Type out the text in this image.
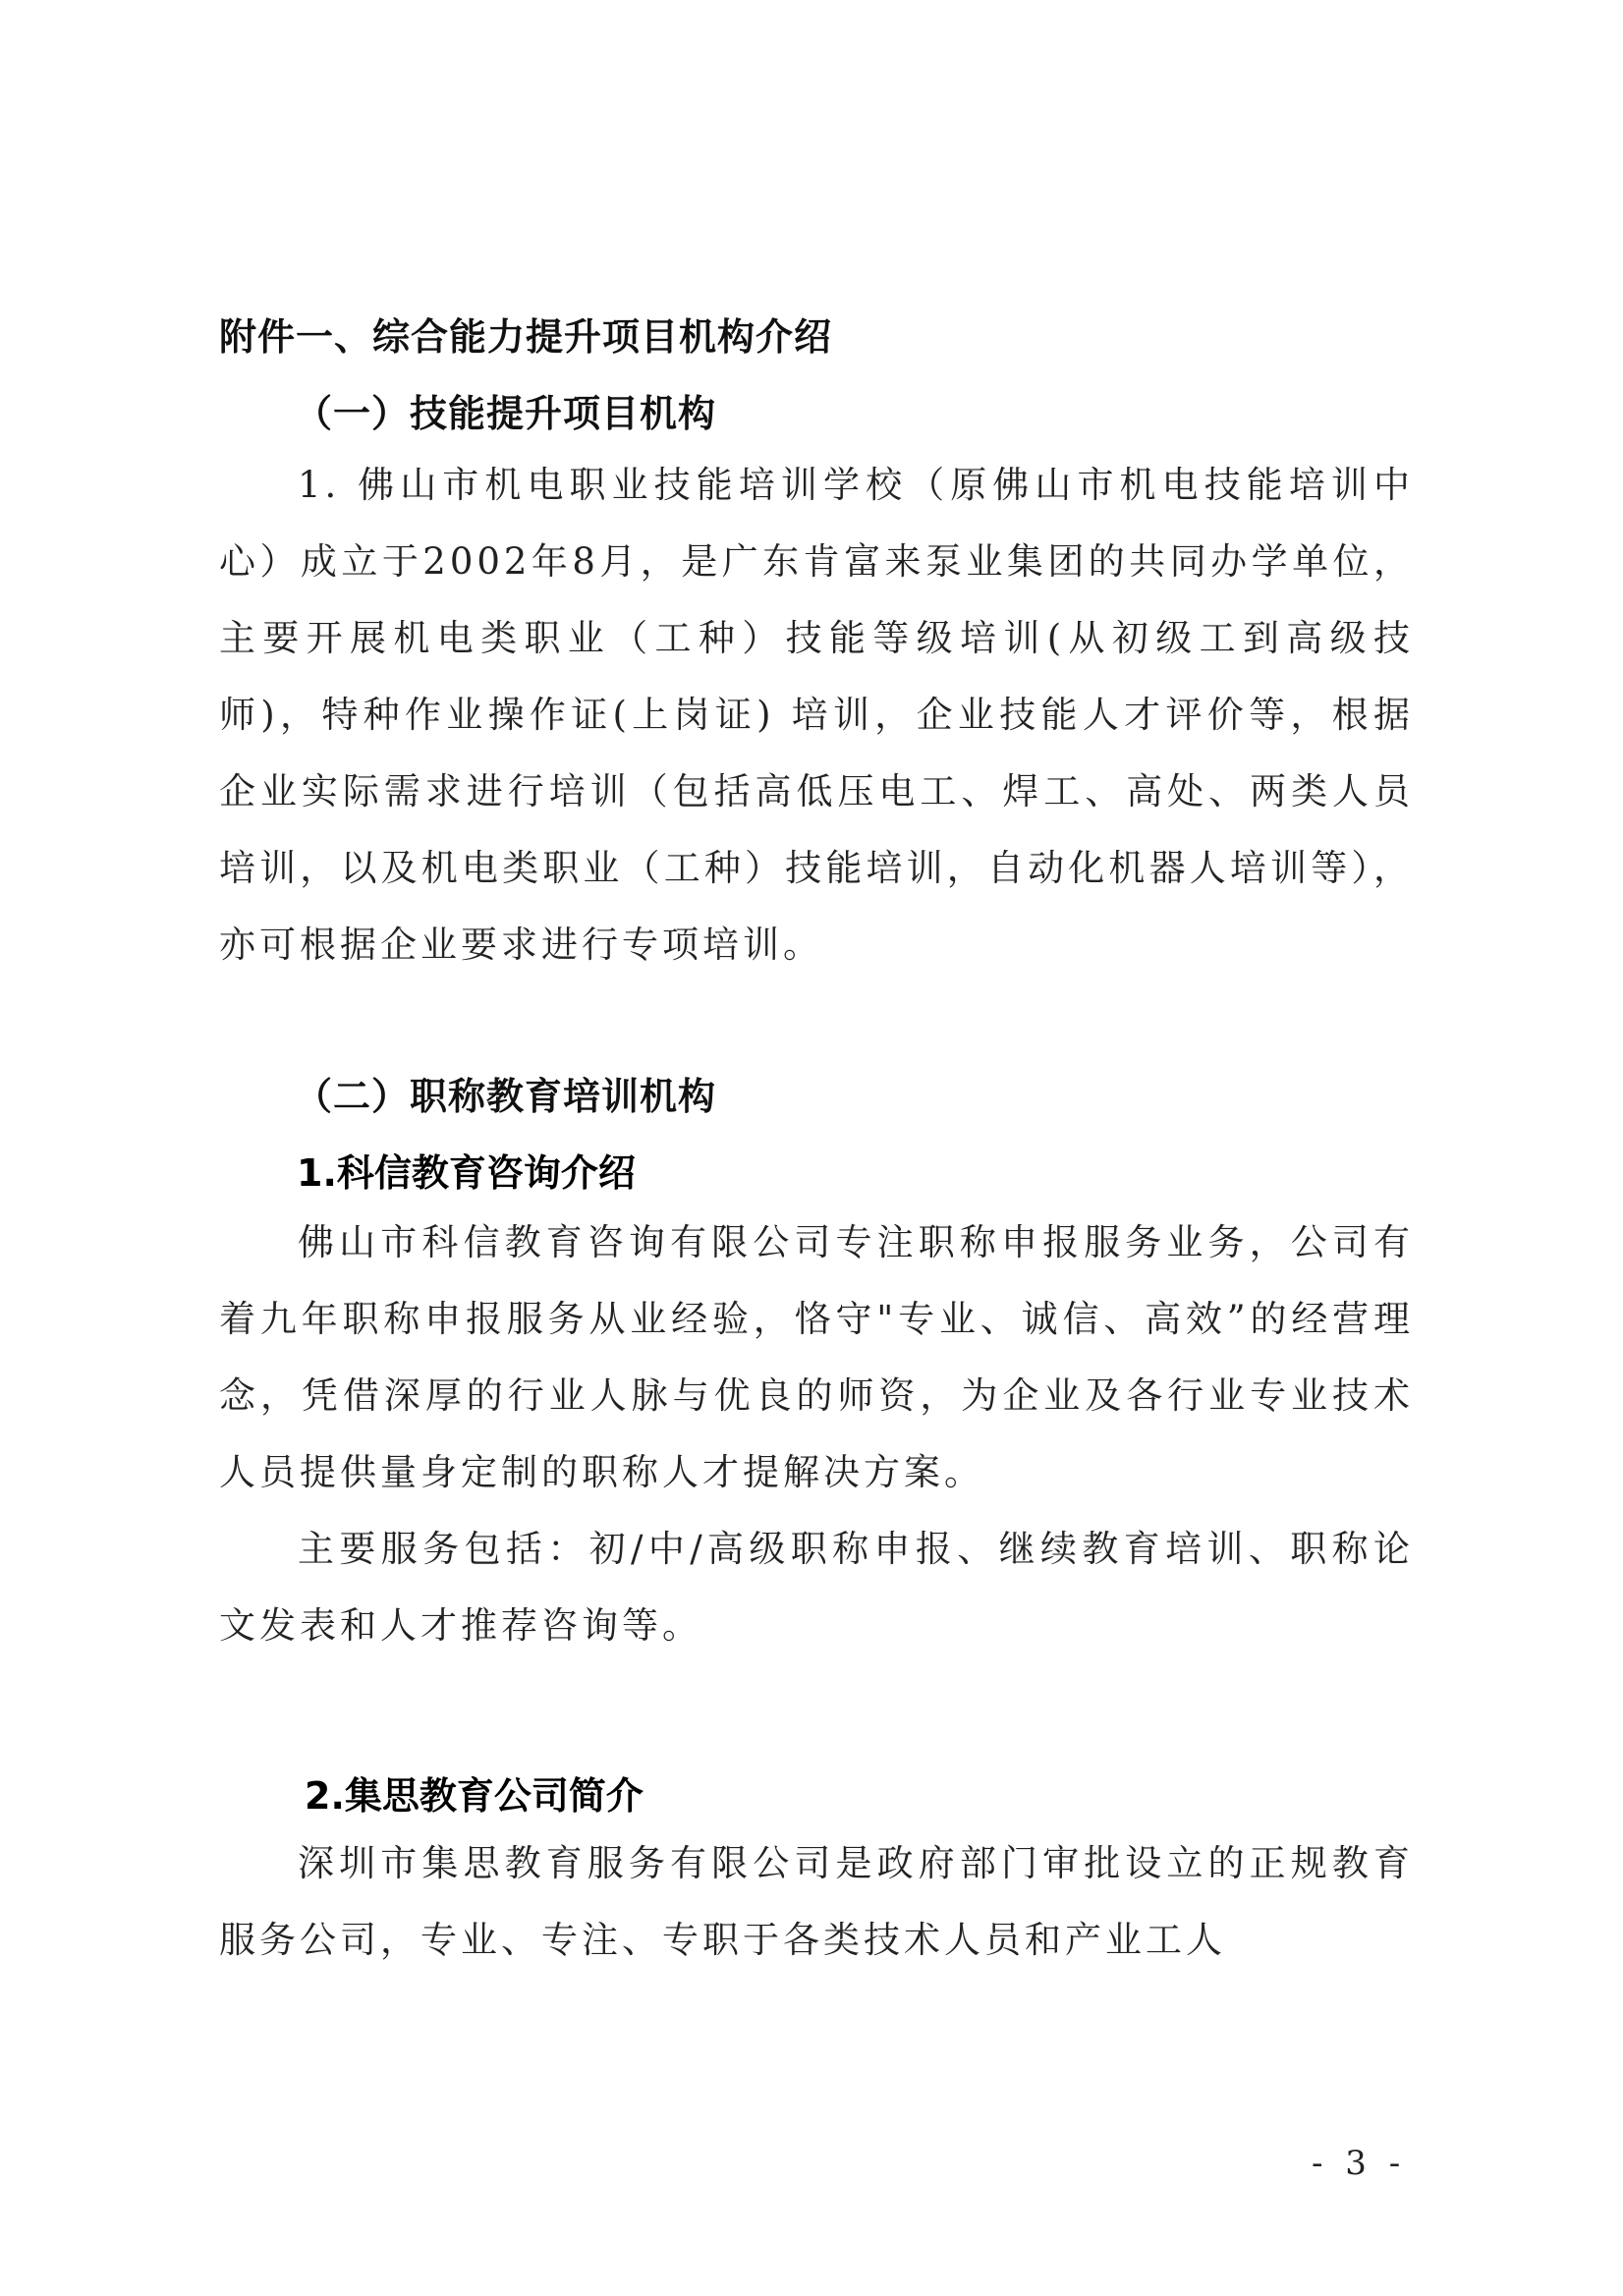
附件一、综合能力提升项目机构介绍
（一）技能提升项目机构
1. 佛山市机电职业技能培训学校（原佛山市机电技能培训中心）成立于2002年8月，是广东肯富来泵业集团的共同办学单位，主要开展机电类职业（工种）技能等级培训(从初级工到高级技师)，特种作业操作证(上岗证) 培训，企业技能人才评价等，根据企业实际需求进行培训（包括高低压电工、焊工、高处、两类人员培训，以及机电类职业（工种）技能培训，自动化机器人培训等），亦可根据企业要求进行专项培训。
（二）职称教育培训机构
1.科信教育咨询介绍
佛山市科信教育咨询有限公司专注职称申报服务业务，公司有着九年职称申报服务从业经验，恪守"专业、诚信、高效”的经营理念，凭借深厚的行业人脉与优良的师资，为企业及各行业专业技术人员提供量身定制的职称人才提解决方案。
主要服务包括：初/中/高级职称申报、继续教育培训、职称论文发表和人才推荐咨询等。
2.集思教育公司简介
深圳市集思教育服务有限公司是政府部门审批设立的正规教育服务公司，专业、专注、专职于各类技术人员和产业工人
- 3 -
